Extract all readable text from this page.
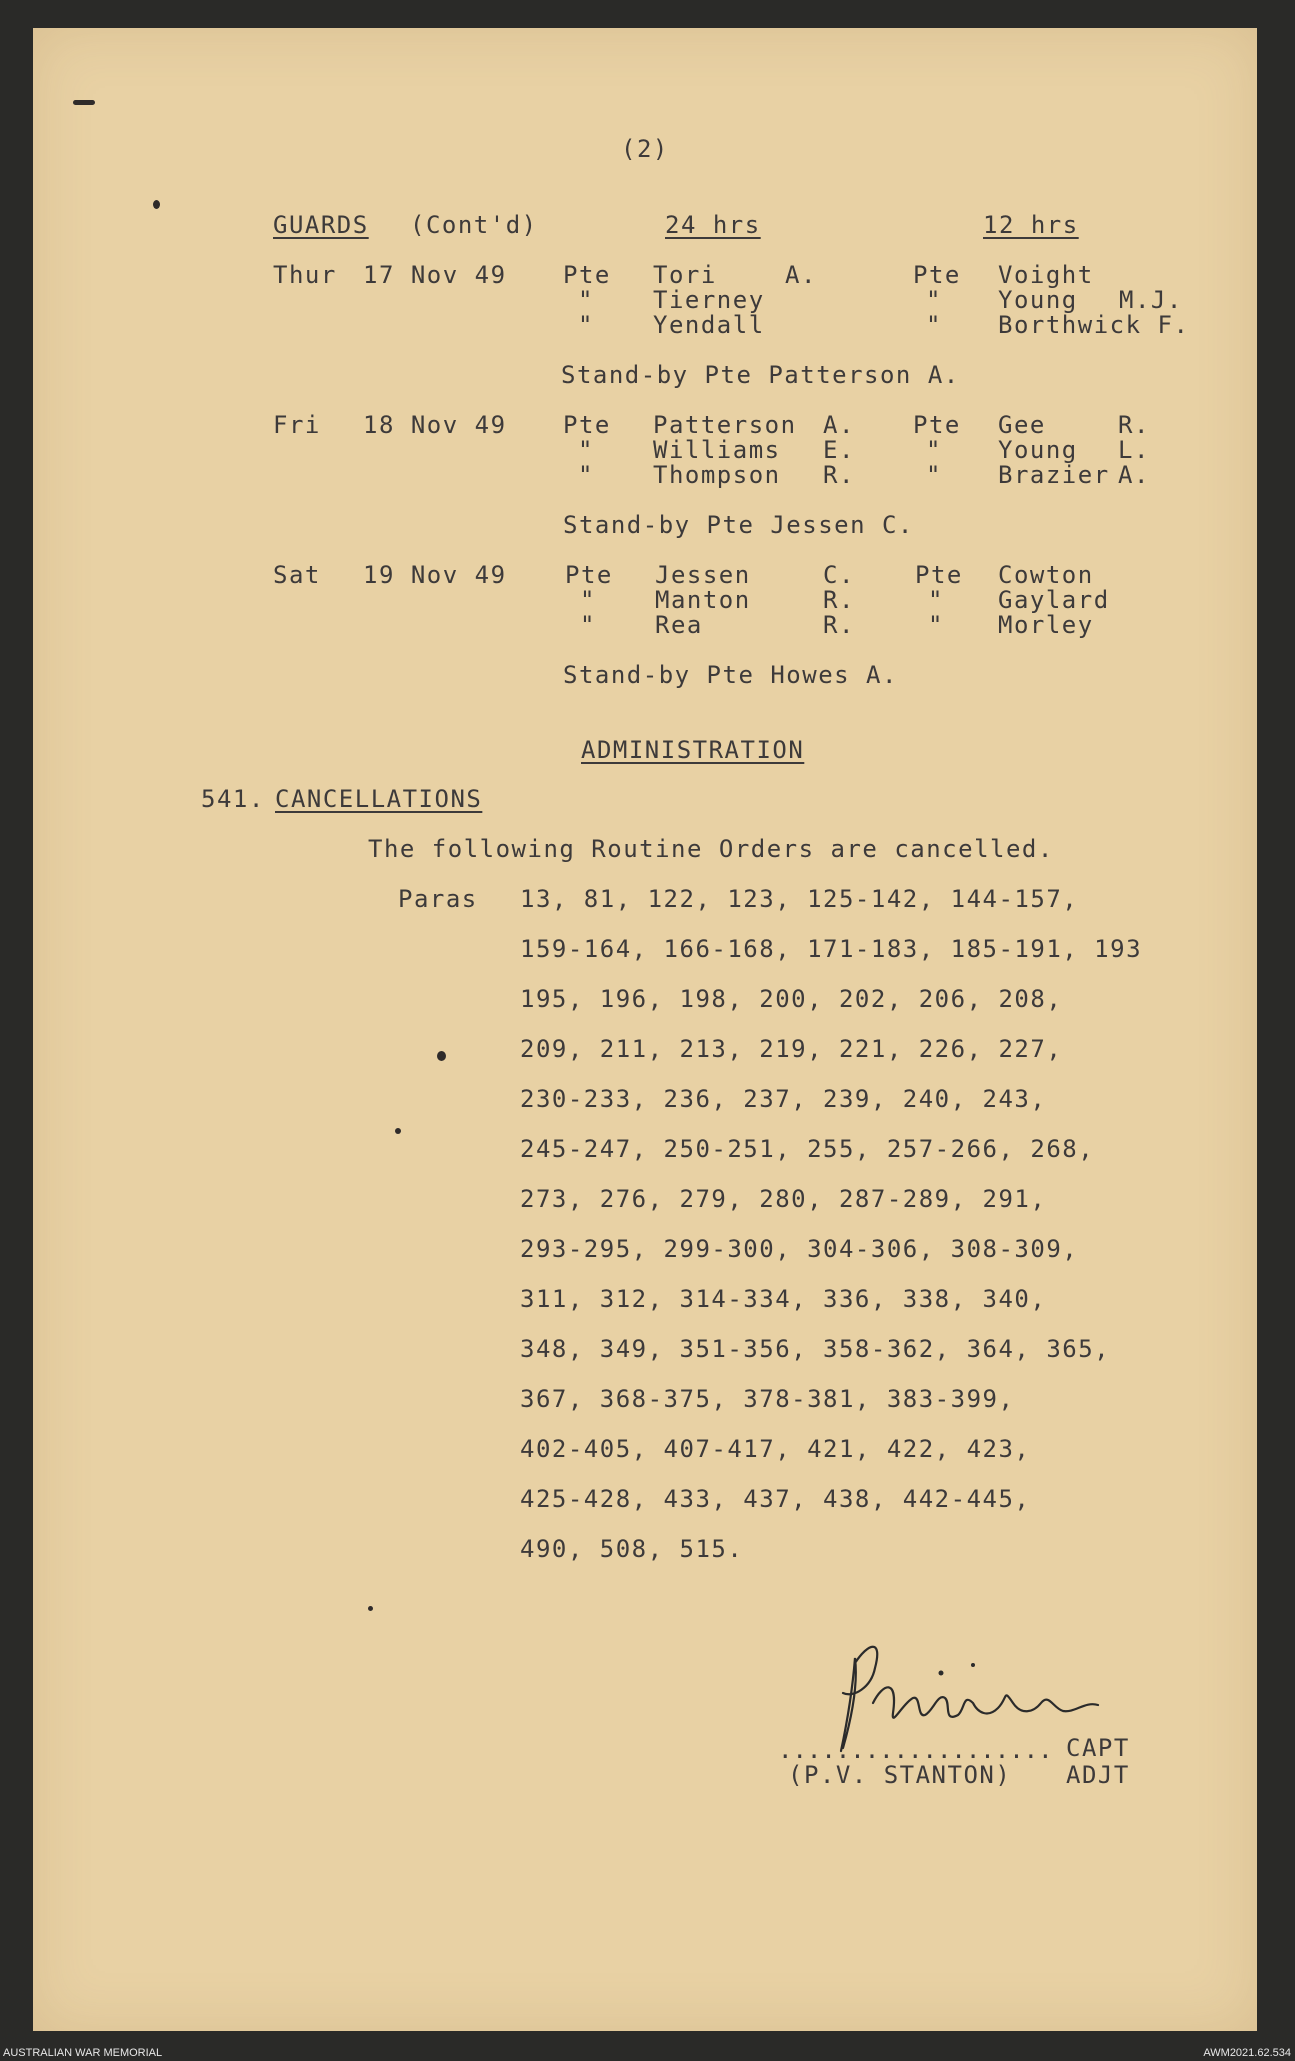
(2)
GUARDS (Cont'd)	24 hrs	12 hrs
Thur 17 Nov 49 Pte Tori	A.	Pte Voight
" Tierney	" Young M.J.
" Yendall	" Borthwick F.
Stand-by Pte Patterson A.
Fri 18 Nov 49 Pte Patterson A. Pte Gee	R.
" Williams E.	" Young L.
" Thompson R.	" Brazier A.
Stand-by Pte Jessen C.
Sat 19 Nov 49 Pte Jessen	C.	Pte Cowton
" Manton	R.	" Gaylard
" Rea	R.	" Morley
Stand-by Pte Howes A.
ADMINISTRATION
541. CANCELLATIONS
The following Routine Orders are cancelled.
Paras 13, 81, 122, 123, 125-142, 144-157,
159-164, 166-168, 171-183, 185-191, 193
195, 196, 198, 200, 202, 206, 208,
209, 211, 213, 219, 221, 226, 227,
230-233, 236, 237, 239, 240, 243,
245-247, 250-251, 255, 257-266, 268,
273, 276, 279, 280, 287-289, 291,
293-295, 299-300, 304-306, 308-309,
311, 312, 314-334, 336, 338, 340,
348, 349, 351-356, 358-362, 364, 365,
367, 368-375, 378-381, 383-399,
402-405, 407-417, 421, 422, 423,
425-428, 433, 437, 438, 442-445,
490, 508, 515.
................... CAPT
(P.V. STANTON) ADJT
AUSTRALIAN WAR MEMORIAL	AWM2021.62.534
